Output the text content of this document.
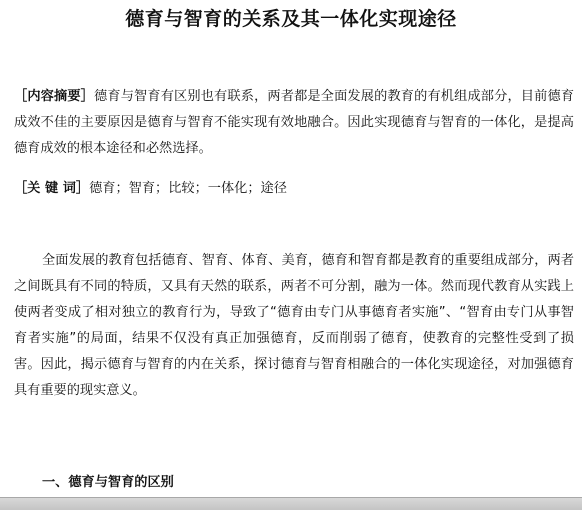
德育与智育的关系及其一体化实现途径
［内容摘要］德育与智育有区别也有联系，两者都是全面发展的教育的有机组成部分，目前德育成效不佳的主要原因是德育与智育不能实现有效地融合。因此实现德育与智育的一体化，是提高德育成效的根本途径和必然选择。
［关 键 词］德育；智育；比较；一体化；途径
全面发展的教育包括德育、智育、体育、美育，德育和智育都是教育的重要组成部分，两者之间既具有不同的特质，又具有天然的联系，两者不可分割，融为一体。然而现代教育从实践上使两者变成了相对独立的教育行为，导致了“德育由专门从事德育者实施”、“智育由专门从事智育者实施”的局面，结果不仅没有真正加强德育，反而削弱了德育，使教育的完整性受到了损害。因此，揭示德育与智育的内在关系，探讨德育与智育相融合的一体化实现途径，对加强德育具有重要的现实意义。
一、德育与智育的区别
